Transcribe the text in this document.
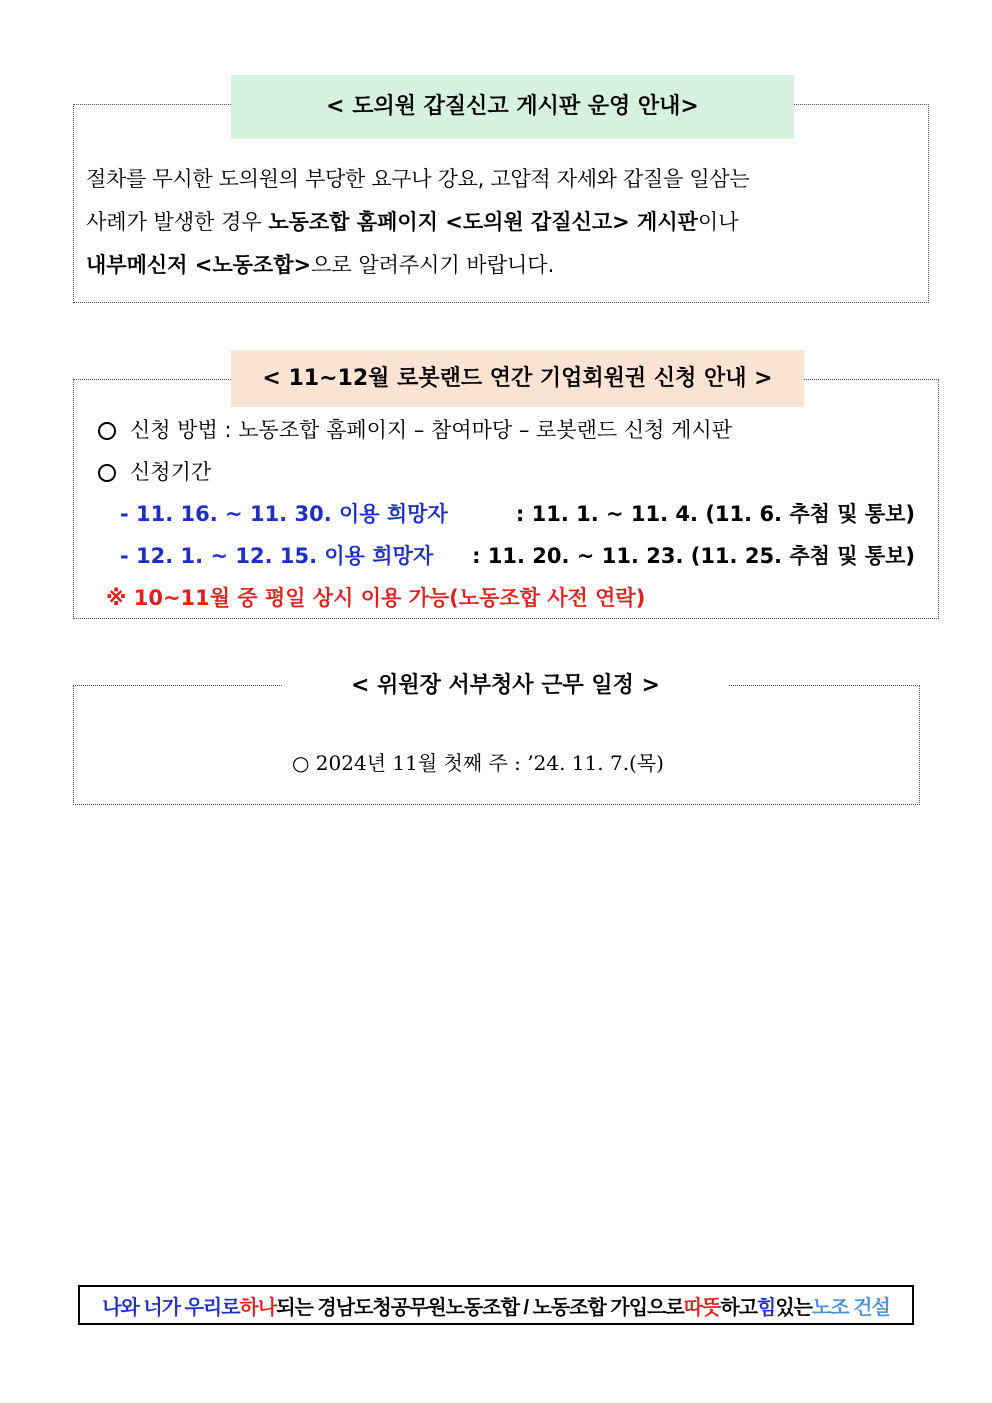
< 도의원 갑질신고 게시판 운영 안내>
절차를 무시한 도의원의 부당한 요구나 강요, 고압적 자세와 갑질을 일삼는
사례가 발생한 경우 노동조합 홈페이지 <도의원 갑질신고> 게시판이나
내부메신저 <노동조합>으로 알려주시기 바랍니다.
< 11~12월 로봇랜드 연간 기업회원권 신청 안내 >
신청 방법 : 노동조합 홈페이지 – 참여마당 – 로봇랜드 신청 게시판
신청기간
- 11. 16. ~ 11. 30. 이용 희망자	: 11. 1. ~ 11. 4. (11. 6. 추첨 및 통보)
- 12. 1. ~ 12. 15. 이용 희망자 : 11. 20. ~ 11. 23. (11. 25. 추첨 및 통보)
※ 10~11월 중 평일 상시 이용 가능(노동조합 사전 연락)
< 위원장 서부청사 근무 일정 >
○ 2024년 11월 첫째 주 : ’24. 11. 7.(목)
나와 너가 우리로 하나 되는 경남도청공무원노동조합 / 노동조합 가입으로 따뜻 하고 힘 있는 노조 건설
